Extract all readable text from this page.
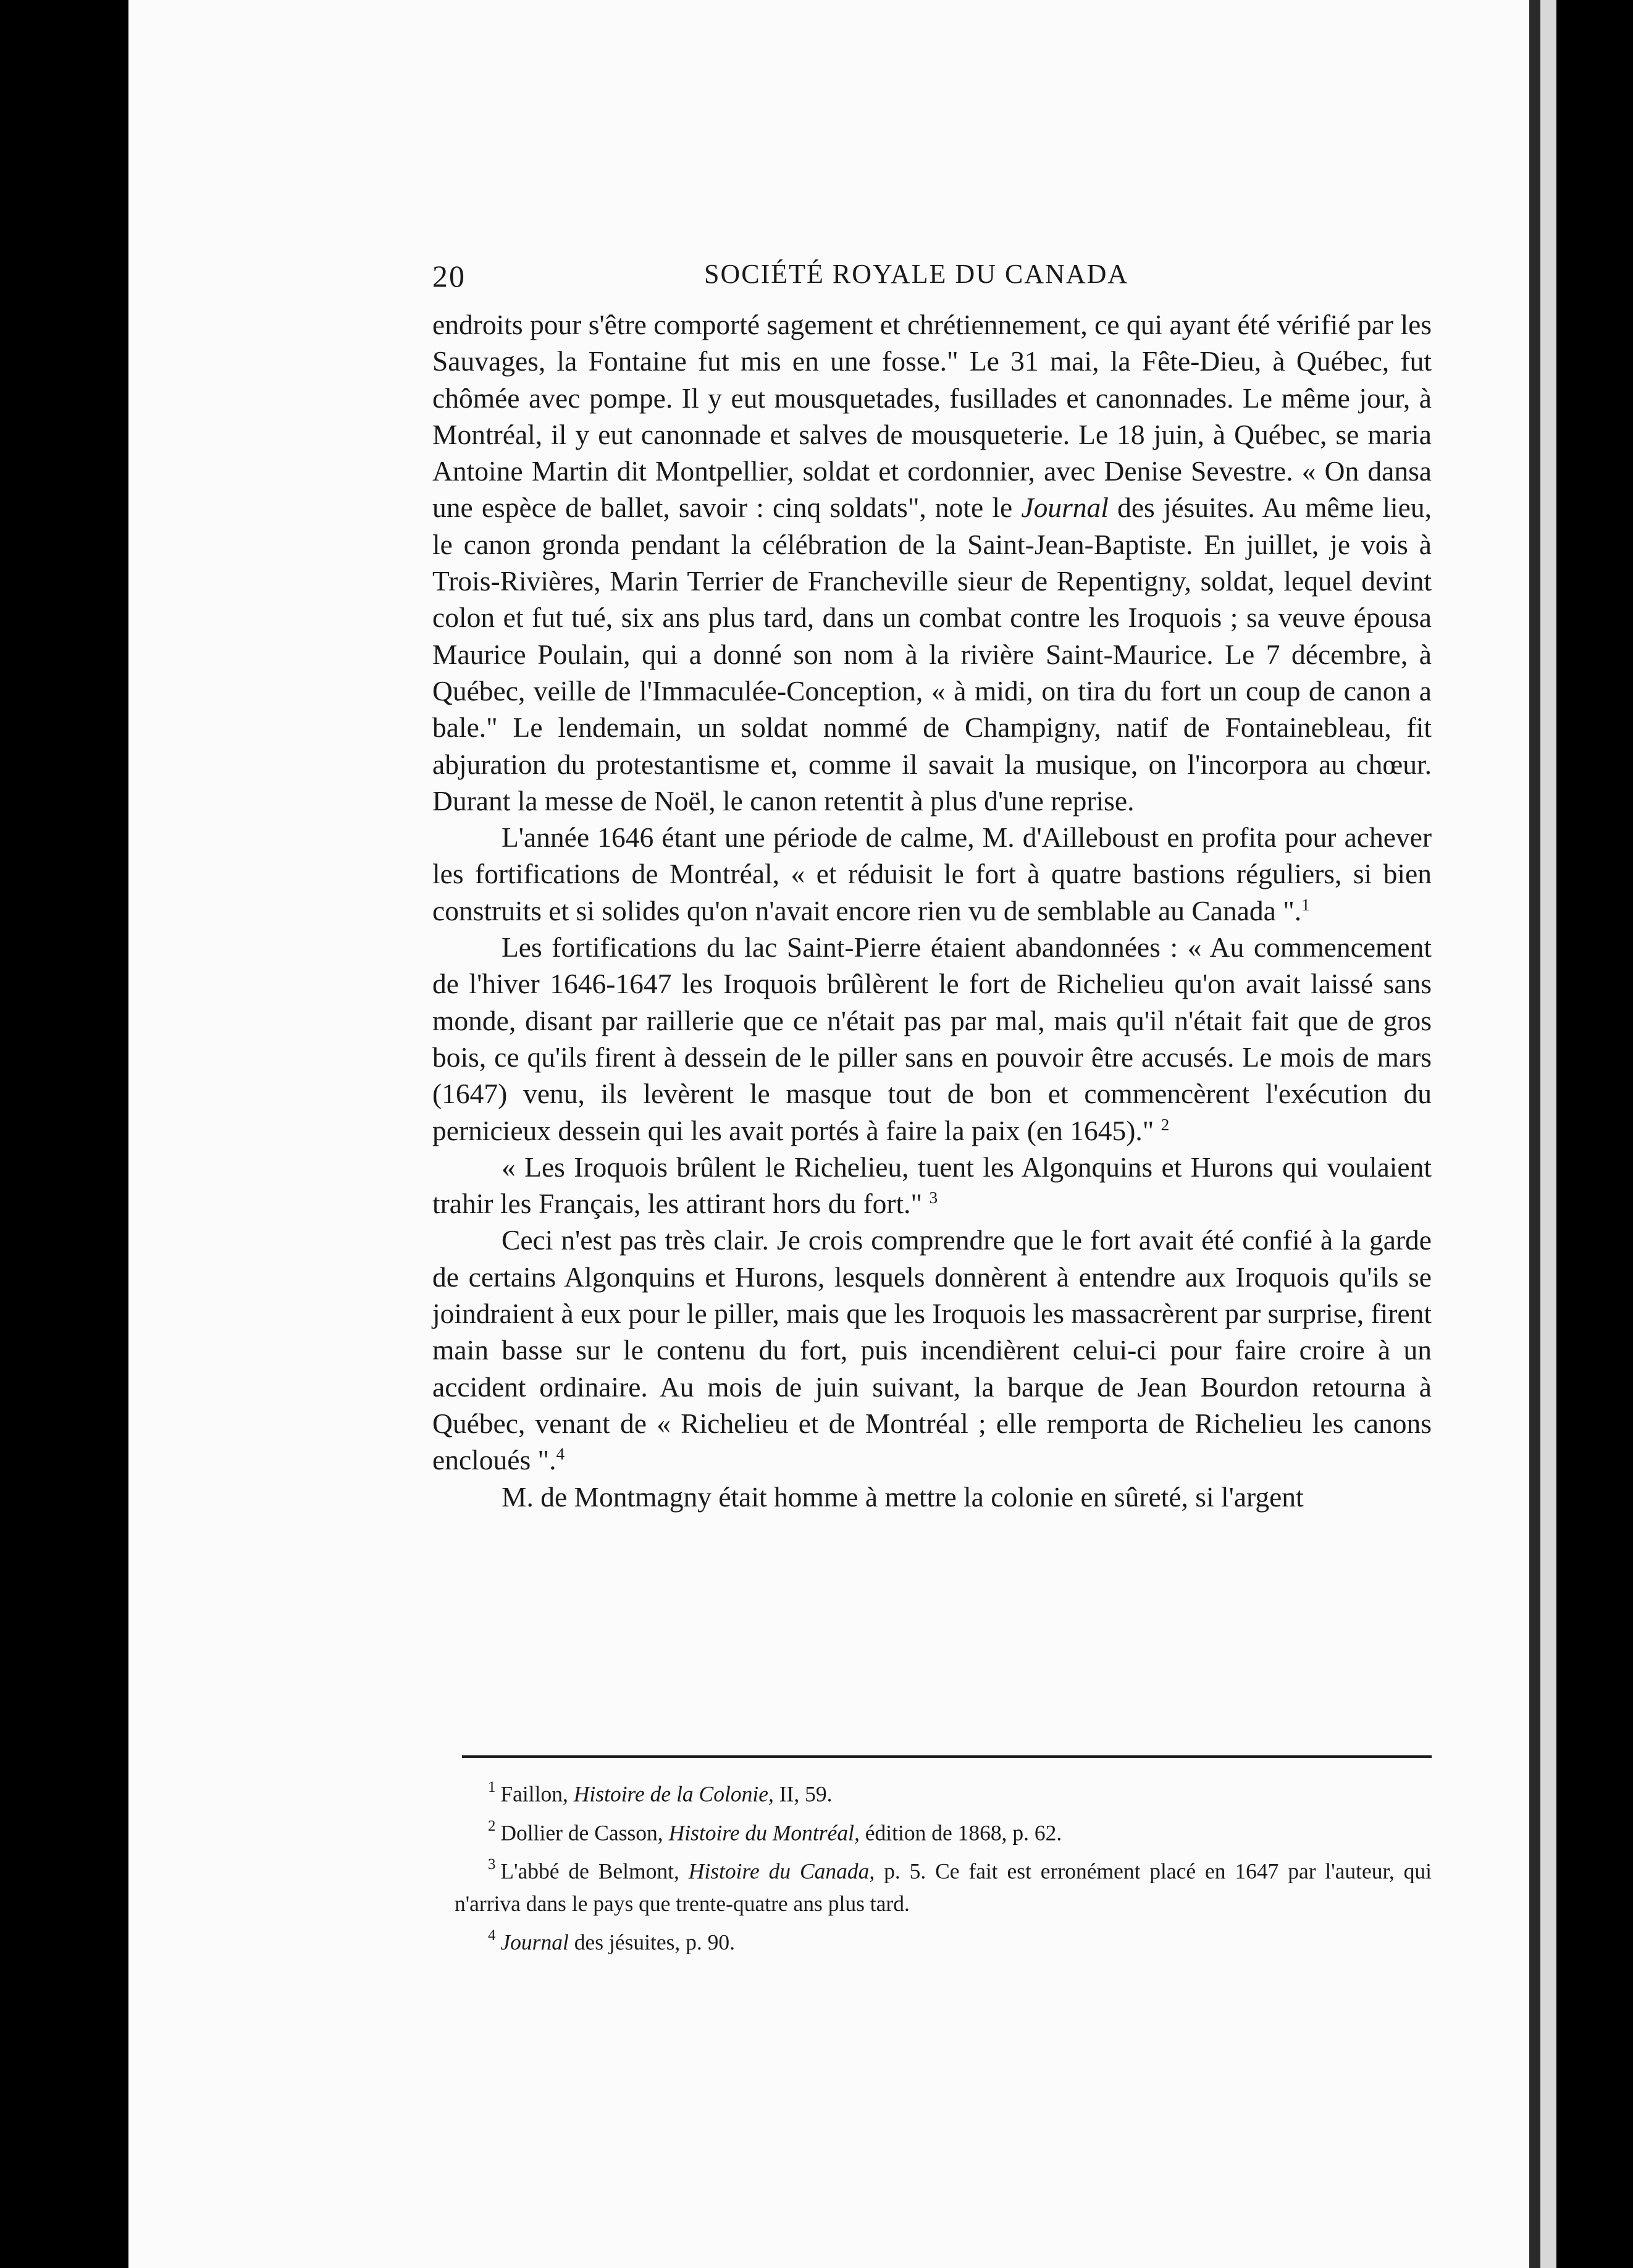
20	SOCIÉTÉ ROYALE DU CANADA

endroits pour s'être comporté sagement et chrétiennement, ce qui ayant été vérifié par les Sauvages, la Fontaine fut mis en une fosse." Le 31 mai, la Fête-Dieu, à Québec, fut chômée avec pompe. Il y eut mousquetades, fusillades et canonnades. Le même jour, à Montréal, il y eut canonnade et salves de mousqueterie. Le 18 juin, à Québec, se maria Antoine Martin dit Montpellier, soldat et cordonnier, avec Denise Sevestre. « On dansa une espèce de ballet, savoir : cinq soldats", note le Journal des jésuites. Au même lieu, le canon gronda pendant la célébration de la Saint-Jean-Baptiste. En juillet, je vois à Trois-Rivières, Marin Terrier de Francheville sieur de Repentigny, soldat, lequel devint colon et fut tué, six ans plus tard, dans un combat contre les Iroquois ; sa veuve épousa Maurice Poulain, qui a donné son nom à la rivière Saint-Maurice. Le 7 décembre, à Québec, veille de l'Immaculée-Conception, « à midi, on tira du fort un coup de canon a bale." Le lendemain, un soldat nommé de Champigny, natif de Fontainebleau, fit abjuration du protestantisme et, comme il savait la musique, on l'incorpora au chœur. Durant la messe de Noël, le canon retentit à plus d'une reprise.

L'année 1646 étant une période de calme, M. d'Ailleboust en profita pour achever les fortifications de Montréal, « et réduisit le fort à quatre bastions réguliers, si bien construits et si solides qu'on n'avait encore rien vu de semblable au Canada ".$^1$

Les fortifications du lac Saint-Pierre étaient abandonnées : « Au commencement de l'hiver 1646-1647 les Iroquois brûlèrent le fort de Richelieu qu'on avait laissé sans monde, disant par raillerie que ce n'était pas par mal, mais qu'il n'était fait que de gros bois, ce qu'ils firent à dessein de le piller sans en pouvoir être accusés. Le mois de mars (1647) venu, ils levèrent le masque tout de bon et commencèrent l'exécution du pernicieux dessein qui les avait portés à faire la paix (en 1645)." $^2$

« Les Iroquois brûlent le Richelieu, tuent les Algonquins et Hurons qui voulaient trahir les Français, les attirant hors du fort." $^3$

Ceci n'est pas très clair. Je crois comprendre que le fort avait été confié à la garde de certains Algonquins et Hurons, lesquels donnèrent à entendre aux Iroquois qu'ils se joindraient à eux pour le piller, mais que les Iroquois les massacrèrent par surprise, firent main basse sur le contenu du fort, puis incendièrent celui-ci pour faire croire à un accident ordinaire. Au mois de juin suivant, la barque de Jean Bourdon retourna à Québec, venant de « Richelieu et de Montréal ; elle remporta de Richelieu les canons encloués ".$^4$

M. de Montmagny était homme à mettre la colonie en sûreté, si l'argent

$^1$ Faillon, Histoire de la Colonie, II, 59.

$^2$ Dollier de Casson, Histoire du Montréal, édition de 1868, p. 62.

$^3$ L'abbé de Belmont, Histoire du Canada, p. 5. Ce fait est erronément placé en 1647 par l'auteur, qui n'arriva dans le pays que trente-quatre ans plus tard.

$^4$ Journal des jésuites, p. 90.
